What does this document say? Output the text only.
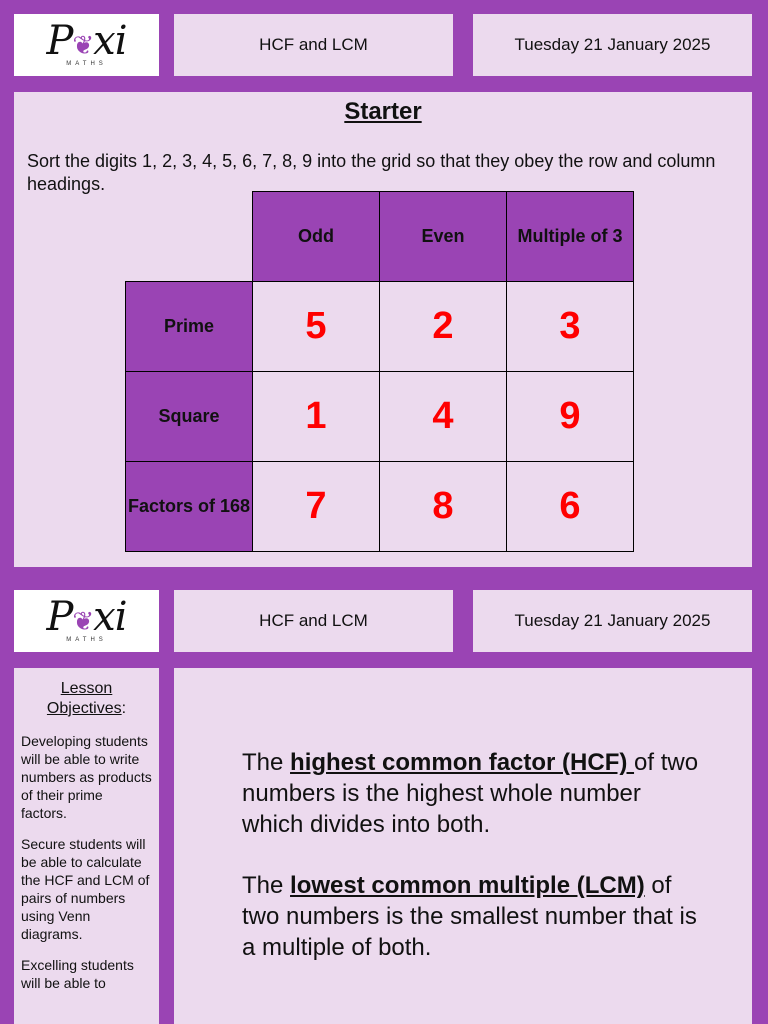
P❦xi
MATHS
HCF and LCM	Tuesday 21 January 2025
Starter
Sort the digits 1, 2, 3, 4, 5, 6, 7, 8, 9 into the grid so that they obey the row and column headings.
	Odd	Even	Multiple of 3
Prime	5	2	3
Square	1	4	9
Factors of 168	7	8	6
P❦xi
MATHS
HCF and LCM	Tuesday 21 January 2025
Lesson
Objectives:

Developing students will be able to write numbers as products of their prime factors.

Secure students will be able to calculate the HCF and LCM of pairs of numbers using Venn diagrams.

Excelling students will be able to

The highest common factor (HCF) of two numbers is the highest whole number which divides into both.
The lowest common multiple (LCM) of two numbers is the smallest number that is a multiple of both.
